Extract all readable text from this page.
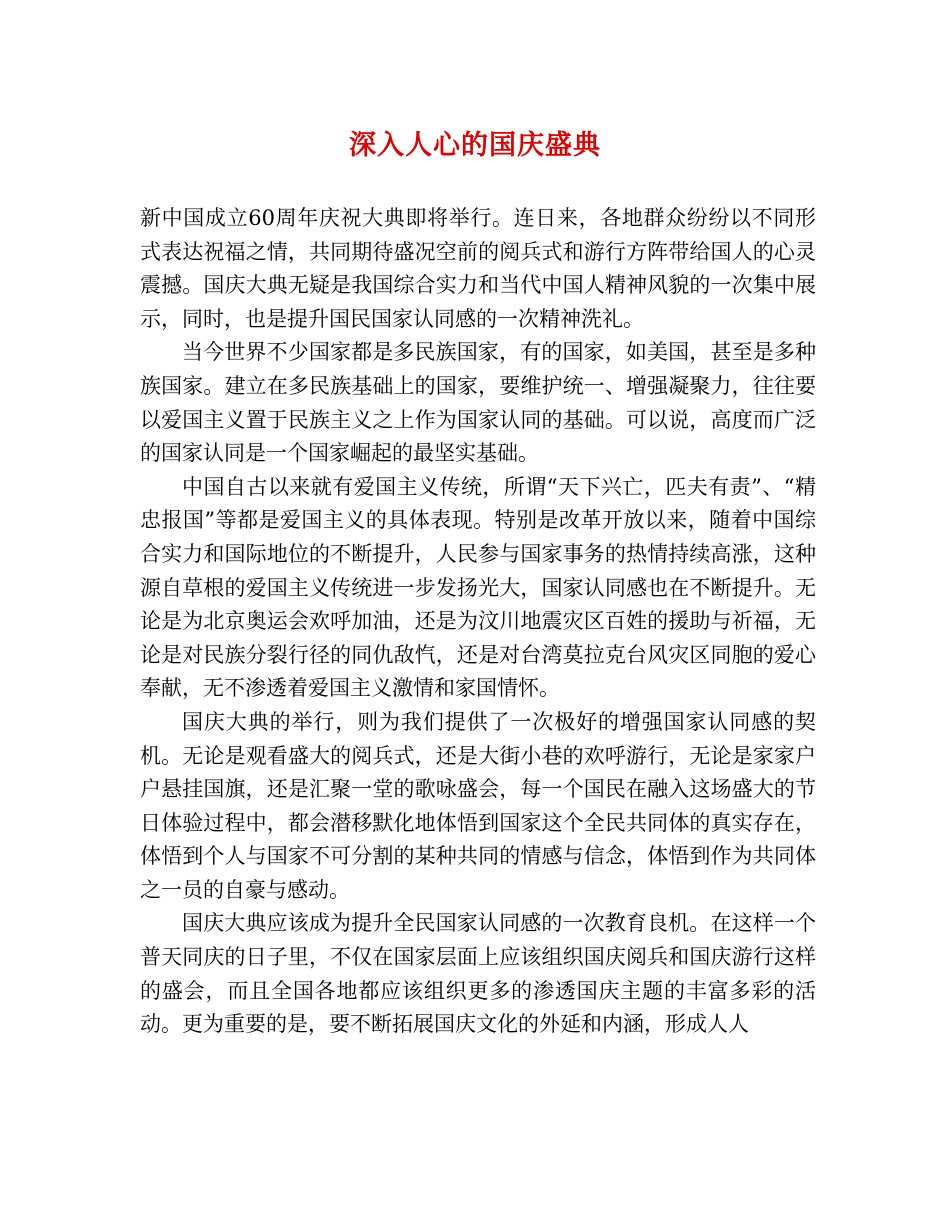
深入人心的国庆盛典

新中国成立60周年庆祝大典即将举行。连日来，各地群众纷纷以不同形式表达祝福之情，共同期待盛况空前的阅兵式和游行方阵带给国人的心灵震撼。国庆大典无疑是我国综合实力和当代中国人精神风貌的一次集中展示，同时，也是提升国民国家认同感的一次精神洗礼。

当今世界不少国家都是多民族国家，有的国家，如美国，甚至是多种族国家。建立在多民族基础上的国家，要维护统一、增强凝聚力，往往要以爱国主义置于民族主义之上作为国家认同的基础。可以说，高度而广泛的国家认同是一个国家崛起的最坚实基础。

中国自古以来就有爱国主义传统，所谓“天下兴亡，匹夫有责”、“精忠报国”等都是爱国主义的具体表现。特别是改革开放以来，随着中国综合实力和国际地位的不断提升，人民参与国家事务的热情持续高涨，这种源自草根的爱国主义传统进一步发扬光大，国家认同感也在不断提升。无论是为北京奥运会欢呼加油，还是为汶川地震灾区百姓的援助与祈福，无论是对民族分裂行径的同仇敌忾，还是对台湾莫拉克台风灾区同胞的爱心奉献，无不渗透着爱国主义激情和家国情怀。

国庆大典的举行，则为我们提供了一次极好的增强国家认同感的契机。无论是观看盛大的阅兵式，还是大街小巷的欢呼游行，无论是家家户户悬挂国旗，还是汇聚一堂的歌咏盛会，每一个国民在融入这场盛大的节日体验过程中，都会潜移默化地体悟到国家这个全民共同体的真实存在，体悟到个人与国家不可分割的某种共同的情感与信念，体悟到作为共同体之一员的自豪与感动。

国庆大典应该成为提升全民国家认同感的一次教育良机。在这样一个普天同庆的日子里，不仅在国家层面上应该组织国庆阅兵和国庆游行这样的盛会，而且全国各地都应该组织更多的渗透国庆主题的丰富多彩的活动。更为重要的是，要不断拓展国庆文化的外延和内涵，形成人人
